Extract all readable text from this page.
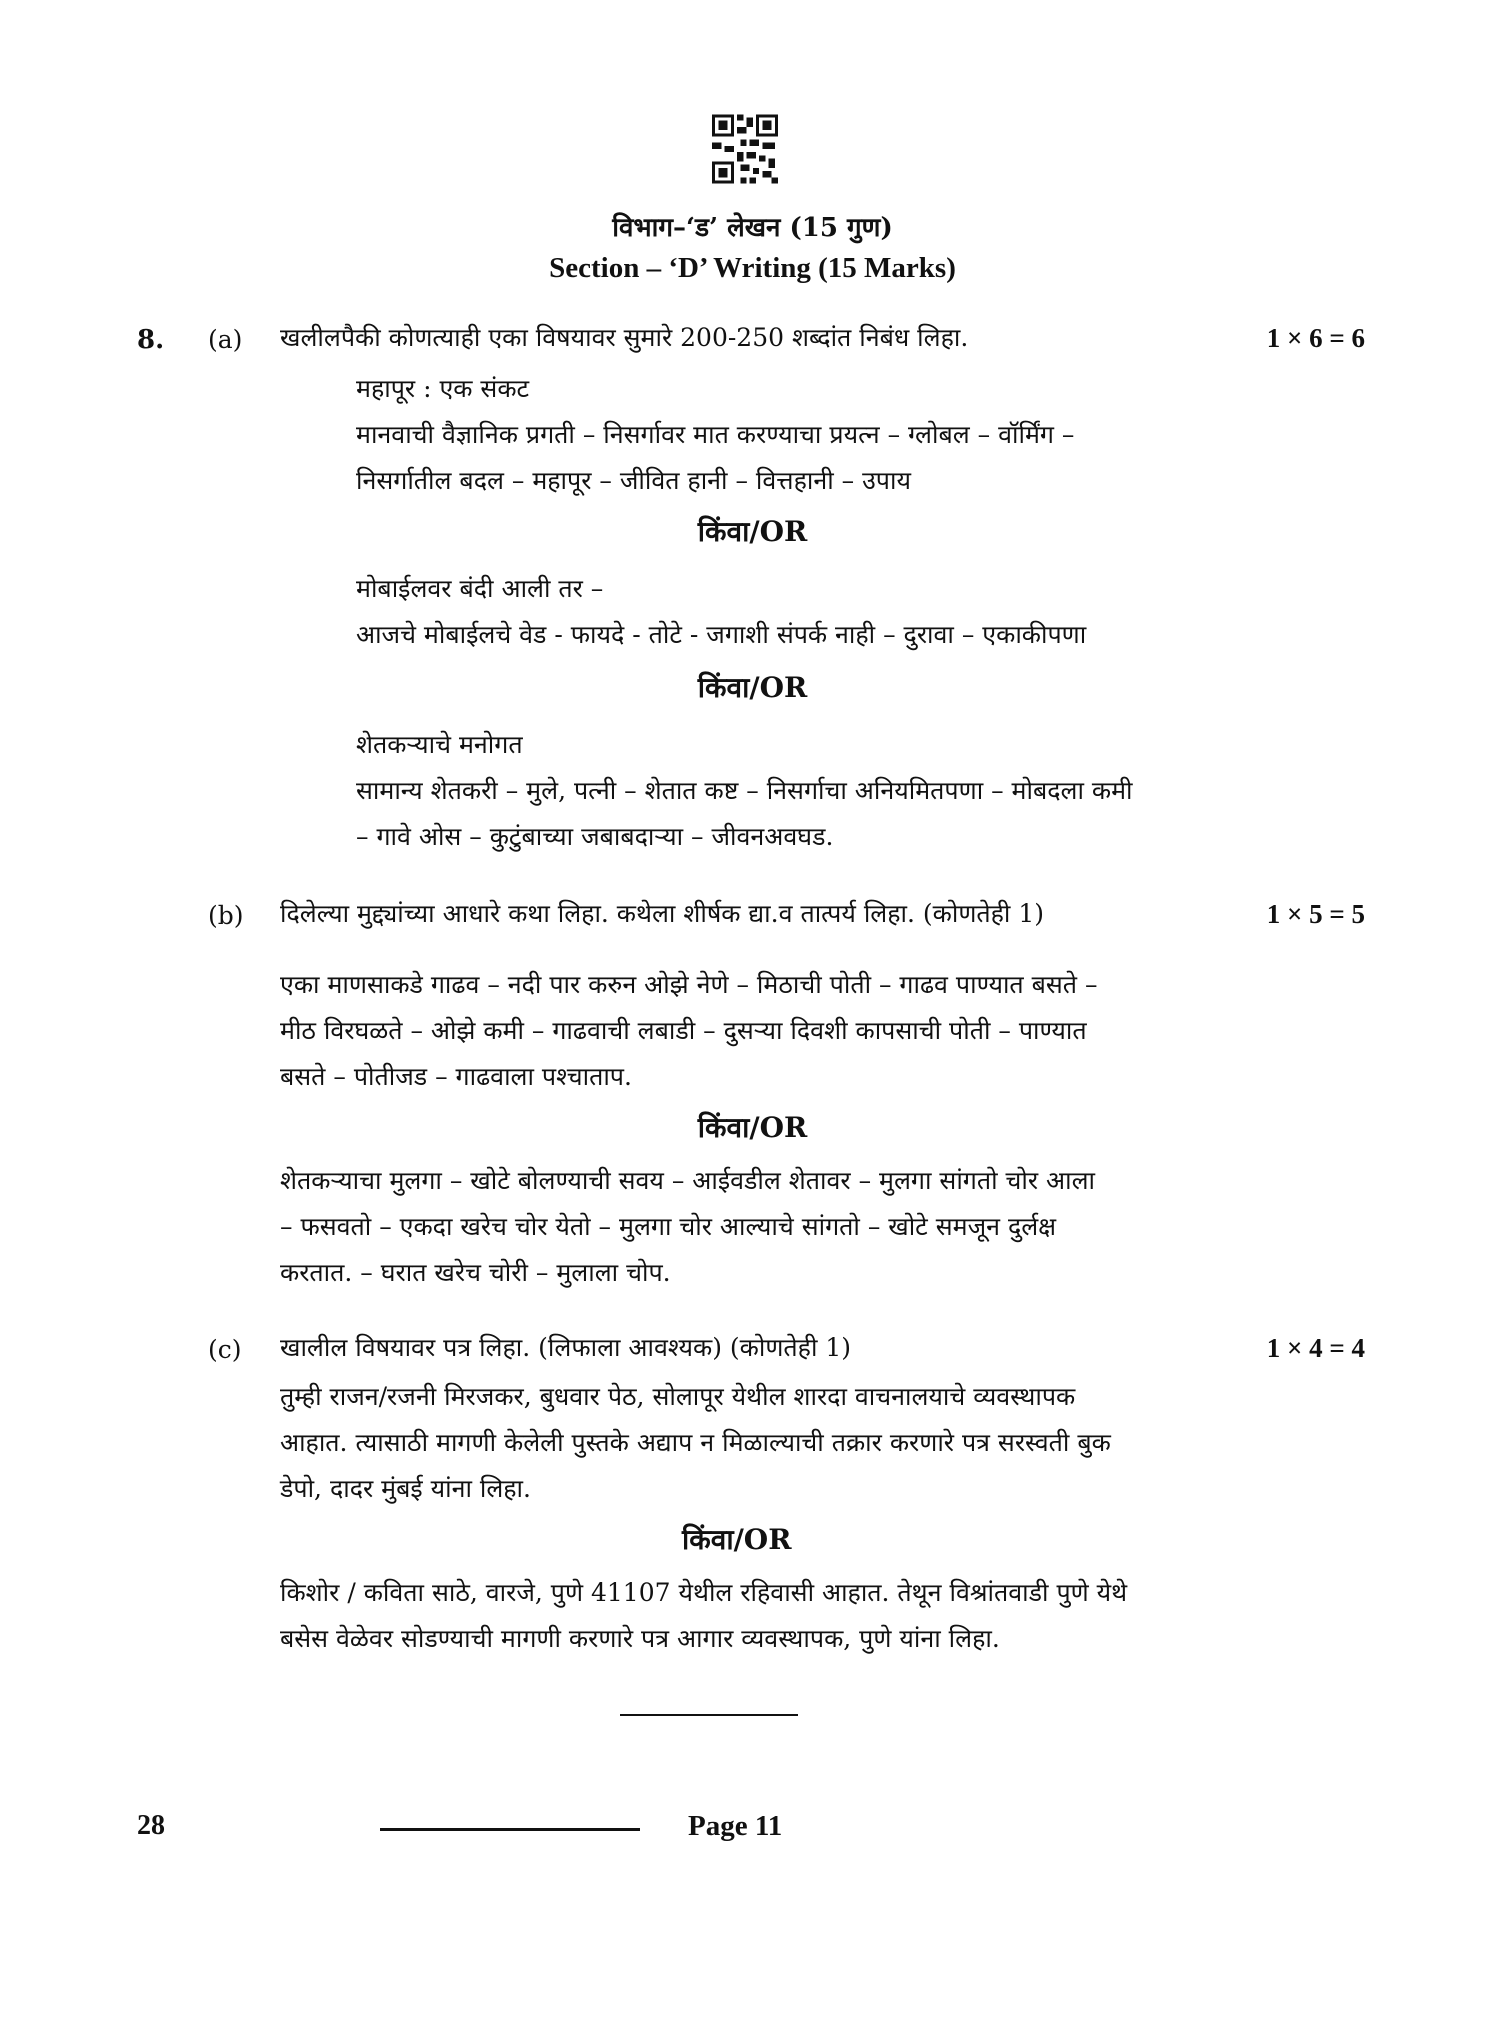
विभाग–‘ड’ लेखन (15 गुण)
Section – ‘D’ Writing (15 Marks)
8. (a) खलीलपैकी कोणत्याही एका विषयावर सुमारे 200-250 शब्दांत निबंध लिहा.	1 × 6 = 6

महापूर : एक संकट

मानवाची वैज्ञानिक प्रगती – निसर्गावर मात करण्याचा प्रयत्न – ग्लोबल – वॉर्मिंग –

निसर्गातील बदल – महापूर – जीवित हानी – वित्तहानी – उपाय

किंवा/OR

मोबाईलवर बंदी आली तर –

आजचे मोबाईलचे वेड - फायदे - तोटे - जगाशी संपर्क नाही – दुरावा – एकाकीपणा

किंवा/OR

शेतकऱ्याचे मनोगत

सामान्य शेतकरी – मुले, पत्नी – शेतात कष्ट – निसर्गाचा अनियमितपणा – मोबदला कमी

– गावे ओस – कुटुंबाच्या जबाबदाऱ्या – जीवनअवघड.

(b) दिलेल्या मुद्द्यांच्या आधारे कथा लिहा. कथेला शीर्षक द्या.व तात्पर्य लिहा. (कोणतेही 1)	1 × 5 = 5

एका माणसाकडे गाढव – नदी पार करुन ओझे नेणे – मिठाची पोती – गाढव पाण्यात बसते –

मीठ विरघळते – ओझे कमी – गाढवाची लबाडी – दुसऱ्या दिवशी कापसाची पोती – पाण्यात

बसते – पोतीजड – गाढवाला पश्चाताप.

किंवा/OR

शेतकऱ्याचा मुलगा – खोटे बोलण्याची सवय – आईवडील शेतावर – मुलगा सांगतो चोर आला

– फसवतो – एकदा खरेच चोर येतो – मुलगा चोर आल्याचे सांगतो – खोटे समजून दुर्लक्ष

करतात. – घरात खरेच चोरी – मुलाला चोप.

(c) खालील विषयावर पत्र लिहा. (लिफाला आवश्यक) (कोणतेही 1)	1 × 4 = 4

तुम्ही राजन/रजनी मिरजकर, बुधवार पेठ, सोलापूर येथील शारदा वाचनालयाचे व्यवस्थापक

आहात. त्यासाठी मागणी केलेली पुस्तके अद्याप न मिळाल्याची तक्रार करणारे पत्र सरस्वती बुक

डेपो, दादर मुंबई यांना लिहा.

किंवा/OR

किशोर / कविता साठे, वारजे, पुणे 41107 येथील रहिवासी आहात. तेथून विश्रांतवाडी पुणे येथे

बसेस वेळेवर सोडण्याची मागणी करणारे पत्र आगार व्यवस्थापक, पुणे यांना लिहा.

28	Page 11
